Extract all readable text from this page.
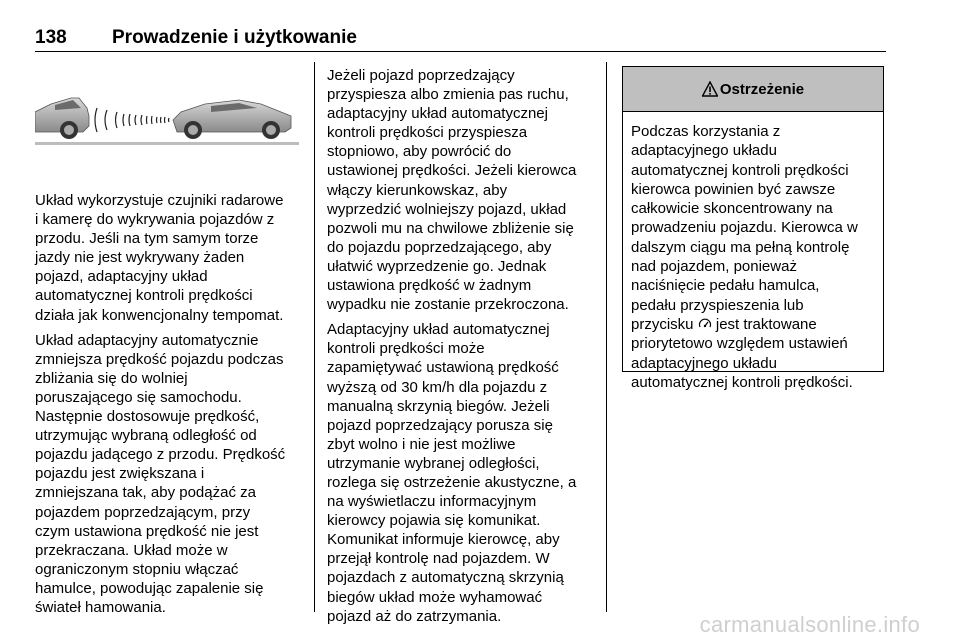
138 Prowadzenie i użytkowanie

Układ wykorzystuje czujniki radarowe
i kamerę do wykrywania pojazdów z
przodu. Jeśli na tym samym torze
jazdy nie jest wykrywany żaden
pojazd, adaptacyjny układ
automatycznej kontroli prędkości
działa jak konwencjonalny tempomat.

Układ adaptacyjny automatycznie
zmniejsza prędkość pojazdu podczas
zbliżania się do wolniej
poruszającego się samochodu.
Następnie dostosowuje prędkość,
utrzymując wybraną odległość od
pojazdu jadącego z przodu. Prędkość
pojazdu jest zwiększana i
zmniejszana tak, aby podążać za
pojazdem poprzedzającym, przy
czym ustawiona prędkość nie jest
przekraczana. Układ może w
ograniczonym stopniu włączać
hamulce, powodując zapalenie się
świateł hamowania.

Jeżeli pojazd poprzedzający
przyspiesza albo zmienia pas ruchu,
adaptacyjny układ automatycznej
kontroli prędkości przyspiesza
stopniowo, aby powrócić do
ustawionej prędkości. Jeżeli kierowca
włączy kierunkowskaz, aby
wyprzedzić wolniejszy pojazd, układ
pozwoli mu na chwilowe zbliżenie się
do pojazdu poprzedzającego, aby
ułatwić wyprzedzenie go. Jednak
ustawiona prędkość w żadnym
wypadku nie zostanie przekroczona.

Adaptacyjny układ automatycznej
kontroli prędkości może
zapamiętywać ustawioną prędkość
wyższą od 30 km/h dla pojazdu z
manualną skrzynią biegów. Jeżeli
pojazd poprzedzający porusza się
zbyt wolno i nie jest możliwe
utrzymanie wybranej odległości,
rozlega się ostrzeżenie akustyczne, a
na wyświetlaczu informacyjnym
kierowcy pojawia się komunikat.
Komunikat informuje kierowcę, aby
przejął kontrolę nad pojazdem. W
pojazdach z automatyczną skrzynią
biegów układ może wyhamować
pojazd aż do zatrzymania.

Ostrzeżenie
Podczas korzystania z
adaptacyjnego układu
automatycznej kontroli prędkości
kierowca powinien być zawsze
całkowicie skoncentrowany na
prowadzeniu pojazdu. Kierowca w
dalszym ciągu ma pełną kontrolę
nad pojazdem, ponieważ
naciśnięcie pedału hamulca,
pedału przyspieszenia lub
przycisku  jest traktowane
priorytetowo względem ustawień
adaptacyjnego układu
automatycznej kontroli prędkości.
carmanualsonline.info
